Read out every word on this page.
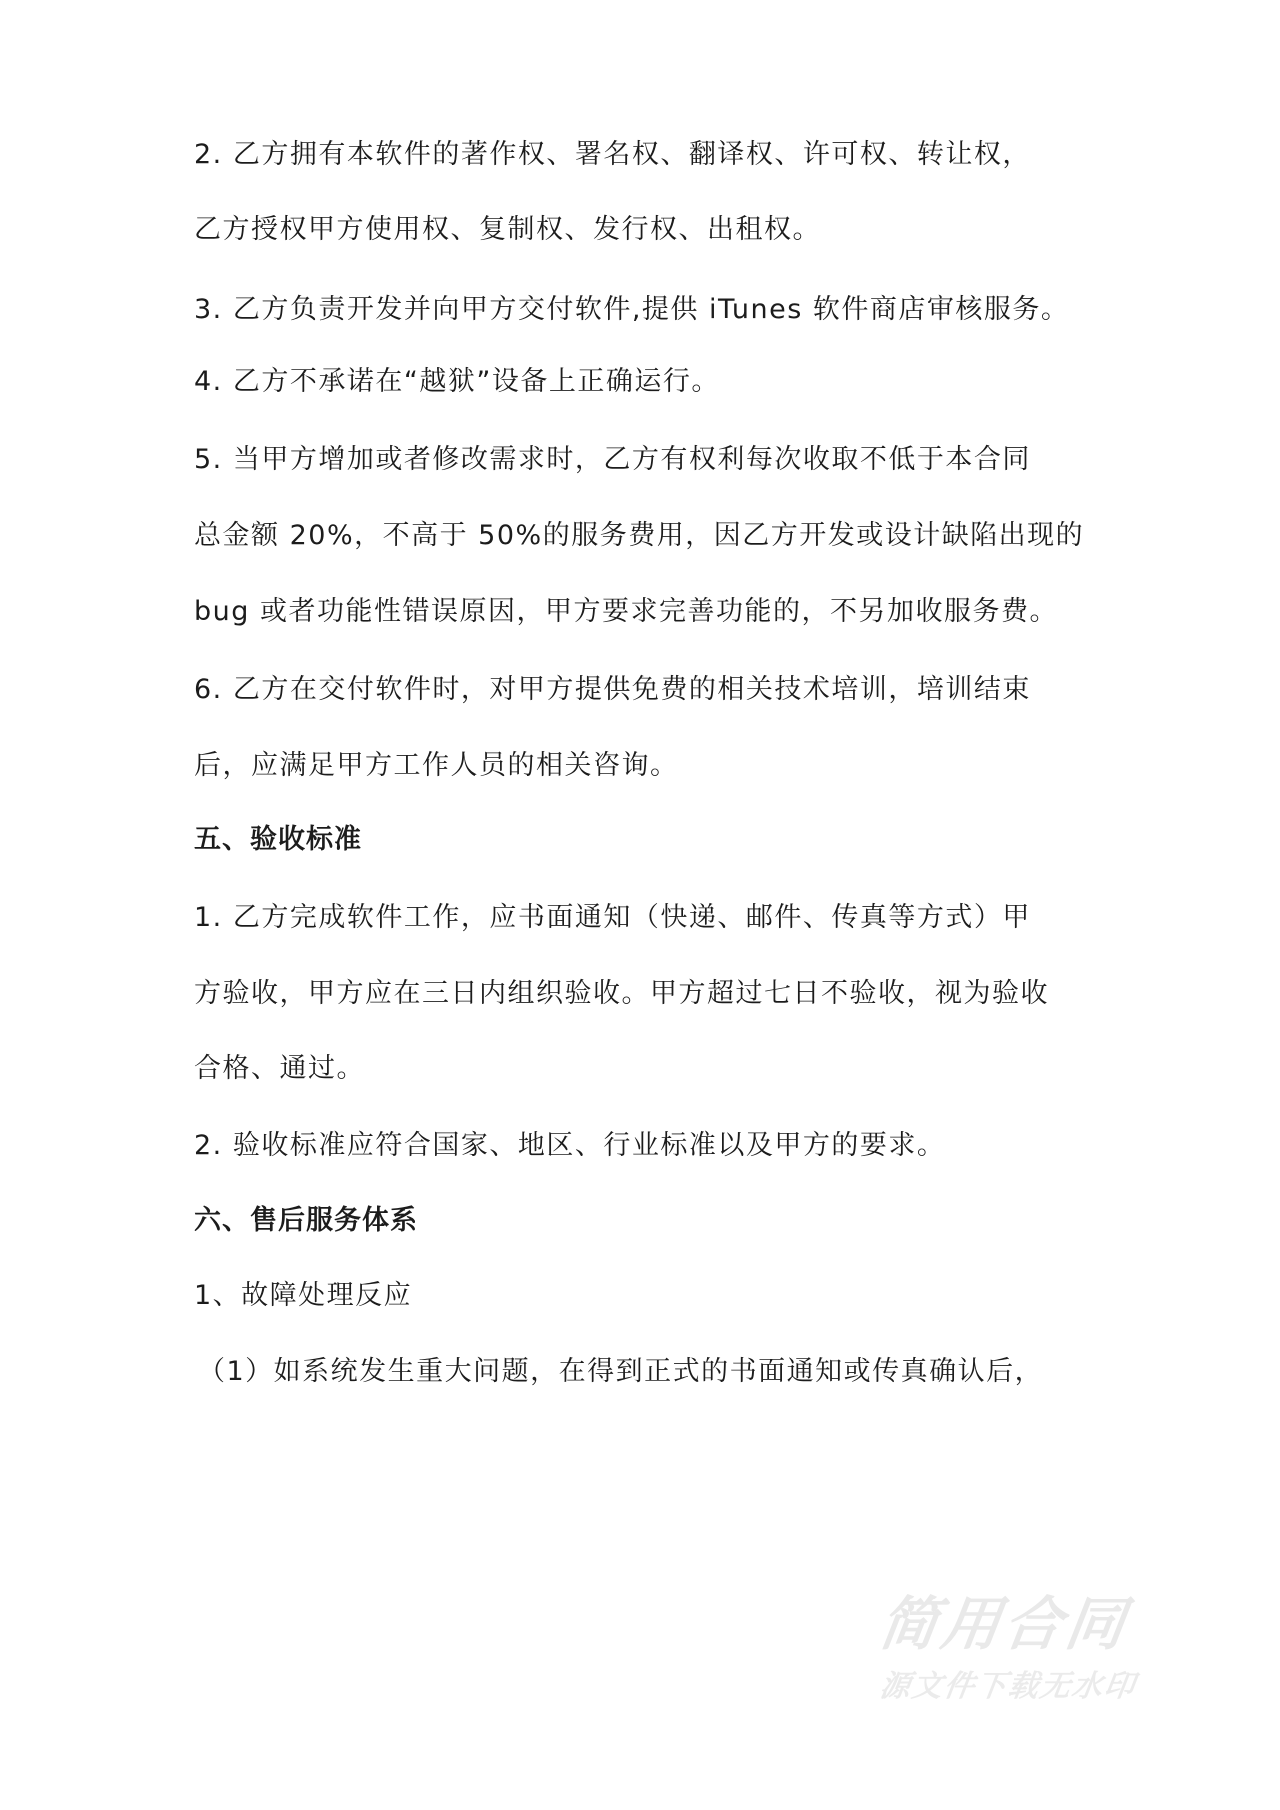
2. 乙方拥有本软件的著作权、署名权、翻译权、许可权、转让权，
乙方授权甲方使用权、复制权、发行权、出租权。
3. 乙方负责开发并向甲方交付软件,提供 iTunes 软件商店审核服务。
4. 乙方不承诺在“越狱”设备上正确运行。
5. 当甲方增加或者修改需求时，乙方有权利每次收取不低于本合同
总金额 20%，不高于 50%的服务费用，因乙方开发或设计缺陷出现的
bug 或者功能性错误原因，甲方要求完善功能的，不另加收服务费。
6. 乙方在交付软件时，对甲方提供免费的相关技术培训，培训结束
后，应满足甲方工作人员的相关咨询。
五、验收标准
1. 乙方完成软件工作，应书面通知（快递、邮件、传真等方式）甲
方验收，甲方应在三日内组织验收。甲方超过七日不验收，视为验收
合格、通过。
2. 验收标准应符合国家、地区、行业标准以及甲方的要求。
六、售后服务体系
1、故障处理反应
（1）如系统发生重大问题，在得到正式的书面通知或传真确认后，
简用合同
源文件下载无水印
